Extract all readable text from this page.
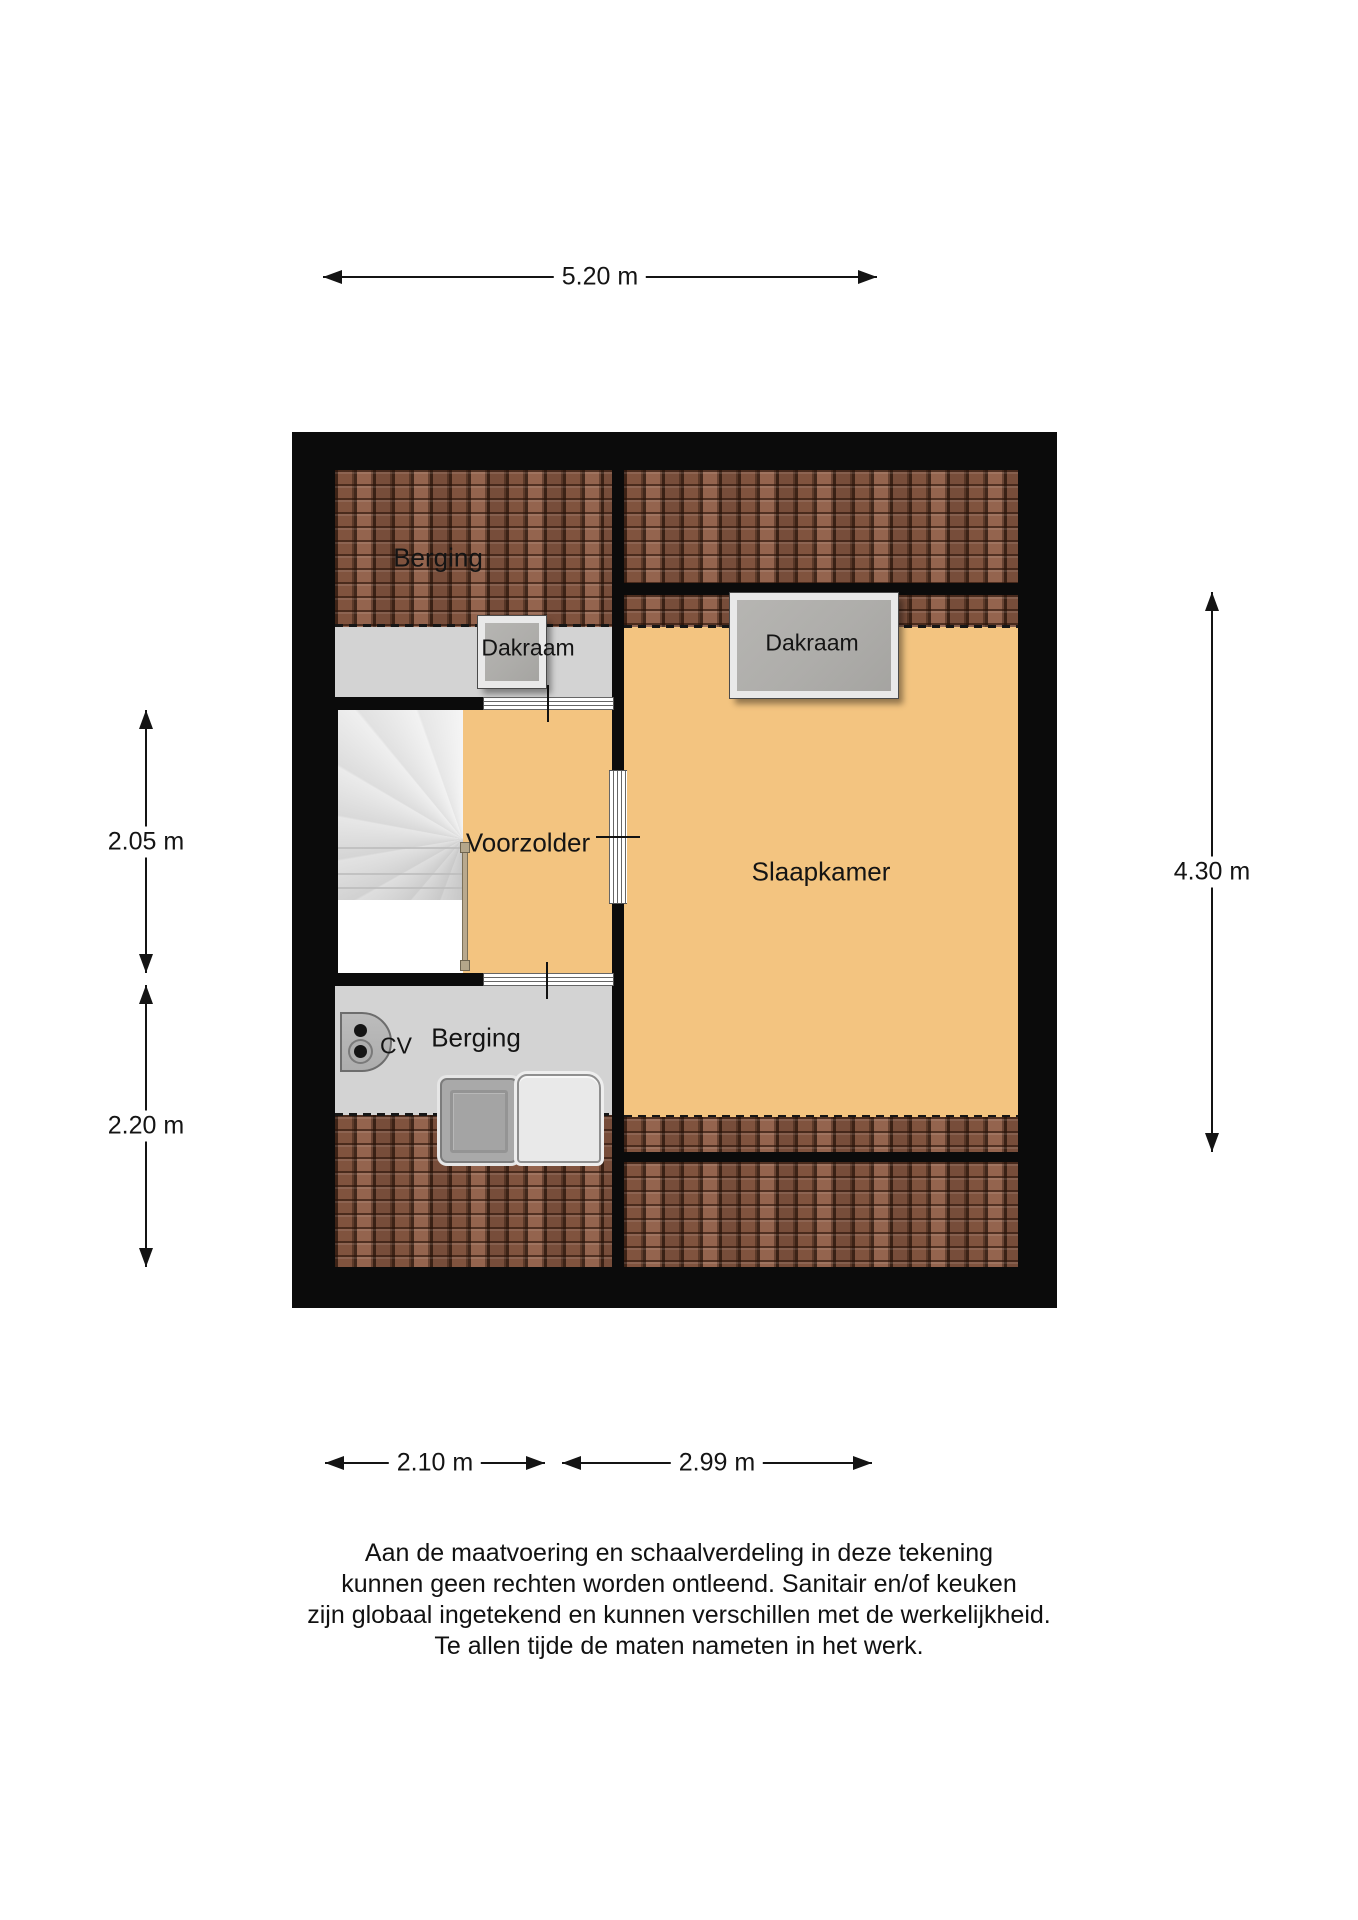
Berging
Dakraam	Dakraam
Voorzolder
Slaapkamer
Berging
CV
5.20 m
2.05 m
2.20 m
4.30 m
2.10 m	2.99 m
Aan de maatvoering en schaalverdeling in deze tekening
kunnen geen rechten worden ontleend. Sanitair en/of keuken
zijn globaal ingetekend en kunnen verschillen met de werkelijkheid.
Te allen tijde de maten nameten in het werk.
